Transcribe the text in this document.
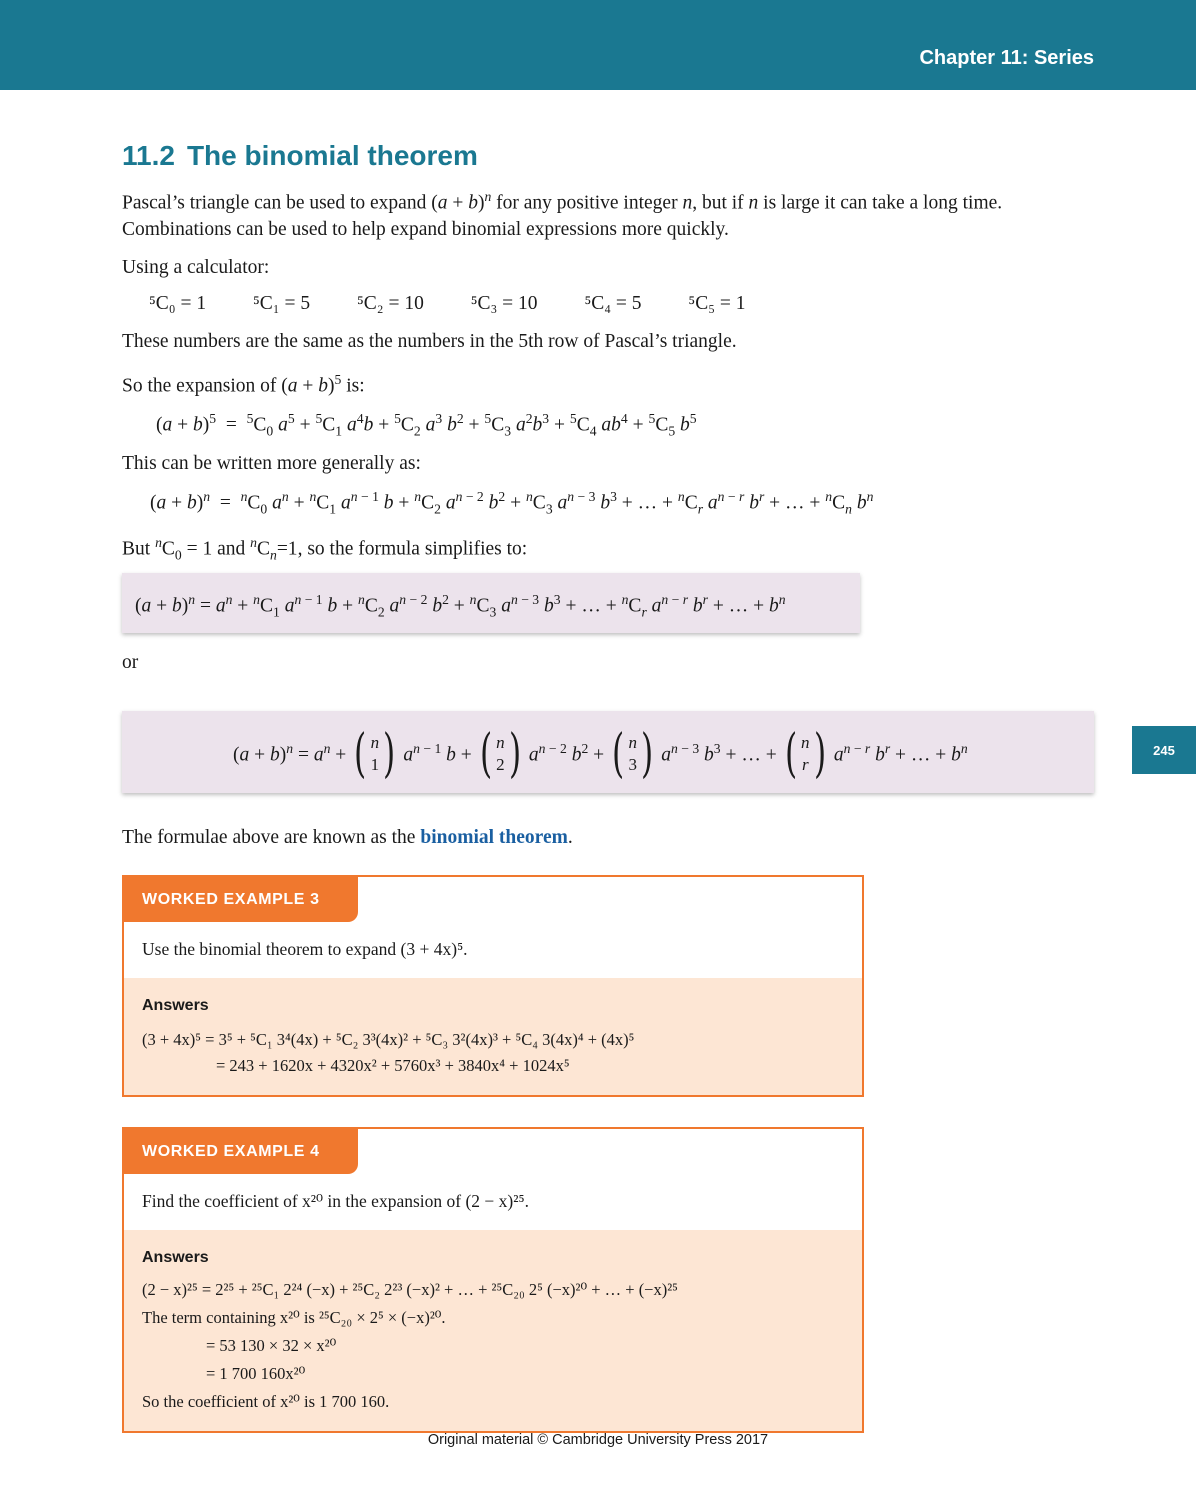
Chapter 11: Series
245
11.2 The binomial theorem

Pascal’s triangle can be used to expand $(a + b)^n$ for any positive integer n, but if n is large it can take a long time. Combinations can be used to help expand binomial expressions more quickly.

Using a calculator:

⁵C₀ = 1 ⁵C₁ = 5 ⁵C₂ = 10 ⁵C₃ = 10 ⁵C₄ = 5 ⁵C₅ = 1

These numbers are the same as the numbers in the 5th row of Pascal’s triangle.

So the expansion of $(a + b)^5$ is:

$(a + b)^5 = ^5C_0$ $a^5 + ^5C_1$ $a^4b + ^5C_2$ $a^3$ $b^2 + ^5C_3$ $a^2b^3 + ^5C_4$ $ab^4 + ^5C_5$ $b^5$

This can be written more generally as:

$(a + b)^n = ^nC_0$ $a^n + ^nC_1$ $a^{n - 1}$ $b + ^nC_2$ $a^{n - 2}$ $b^2 + ^nC_3$ $a^{n - 3}$ $b^3$ + … + $^nC_r$ $a^{n - r}$ $b^r$ + … + $^nC_n$ $b^n$

But $^nC_0 = 1$ and $^nC_n=1$, so the formula simplifies to:

$(a + b)^n = a^n + ^nC_1$ $a^{n - 1}$ $b + ^nC_2$ $a^{n - 2}$ $b^2 + ^nC_3$ $a^{n - 3}$ $b^3$ + … + $^nC_r$ $a^{n - r}$ $b^r$ + … + $b^n$
or
$(a + b)^n = a^n$ + ( n
1 ) $a^{n - 1}$ b + ( n
2 ) $a^{n - 2}$ $b^2$ + ( n
3 ) $a^{n - 3}$ $b^3$ + … + ( n
r ) $a^{n - r}$ $b^r$ + … + $b^n$
The formulae above are known as the binomial theorem.
WORKED EXAMPLE 3
Use the binomial theorem to expand (3 + 4x)⁵.
Answers
(3 + 4x)⁵ = 3⁵ + ⁵C₁ 3⁴(4x) + ⁵C₂ 3³(4x)² + ⁵C₃ 3²(4x)³ + ⁵C₄ 3(4x)⁴ + (4x)⁵
= 243 + 1620x + 4320x² + 5760x³ + 3840x⁴ + 1024x⁵
WORKED EXAMPLE 4
Find the coefficient of x²⁰ in the expansion of (2 − x)²⁵.
Answers
(2 − x)²⁵ = 2²⁵ + ²⁵C₁ 2²⁴ (−x) + ²⁵C₂ 2²³ (−x)² + … + ²⁵C₂₀ 2⁵ (−x)²⁰ + … + (−x)²⁵
The term containing x²⁰ is ²⁵C₂₀ × 2⁵ × (−x)²⁰.
= 53 130 × 32 × x²⁰
= 1 700 160x²⁰
So the coefficient of x²⁰ is 1 700 160.
Original material © Cambridge University Press 2017
